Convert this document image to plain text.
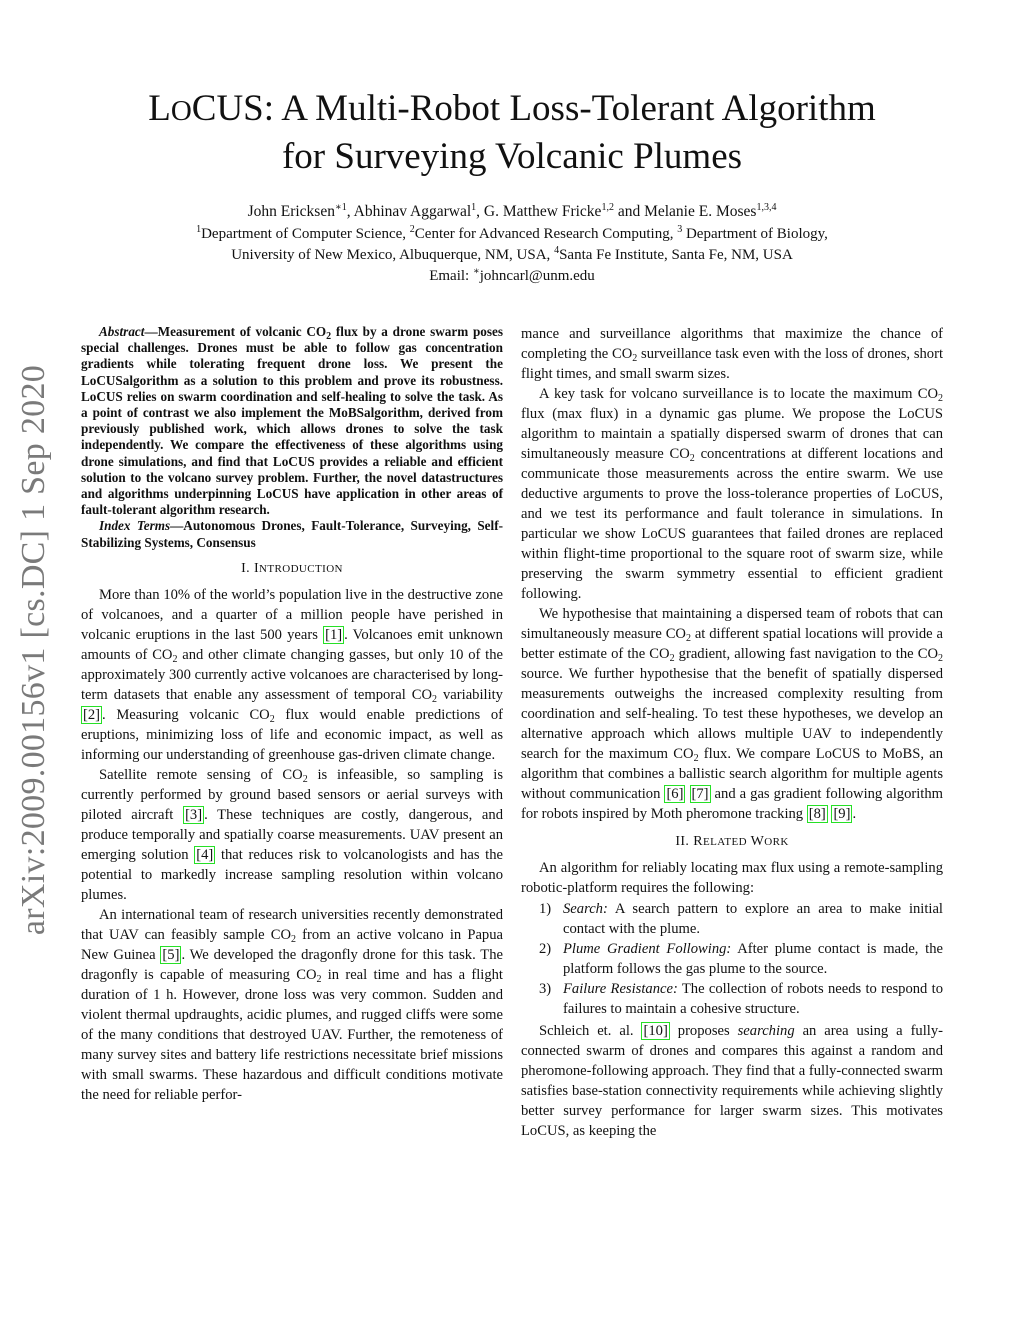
arXiv:2009.00156v1 [cs.DC] 1 Sep 2020
LOCUS: A Multi-Robot Loss-Tolerant Algorithm
for Surveying Volcanic Plumes
John Ericksen$^{∗1}$, Abhinav Aggarwal$^1$, G. Matthew Fricke$^{1,2}$ and Melanie E. Moses$^{1,3,4}$
$^1$Department of Computer Science, $^2$Center for Advanced Research Computing, $^3$ Department of Biology,
University of New Mexico, Albuquerque, NM, USA, $^4$Santa Fe Institute, Santa Fe, NM, USA
Email: ∗johncarl@unm.edu

Abstract—Measurement of volcanic $CO_2$ flux by a drone swarm poses special challenges. Drones must be able to follow gas concentration gradients while tolerating frequent drone loss. We present the LoCUSalgorithm as a solution to this problem and prove its robustness. LoCUS relies on swarm coordination and self-healing to solve the task. As a point of contrast we also implement the MoBSalgorithm, derived from previously published work, which allows drones to solve the task independently. We compare the effectiveness of these algorithms using drone simulations, and find that LoCUS provides a reliable and efficient solution to the volcano survey problem. Further, the novel datastructures and algorithms underpinning LoCUS have application in other areas of fault-tolerant algorithm research.

Index Terms—Autonomous Drones, Fault-Tolerance, Surveying, Self-Stabilizing Systems, Consensus

I. INTRODUCTION

More than 10% of the world’s population live in the destructive zone of volcanoes, and a quarter of a million people have perished in volcanic eruptions in the last 500 years [1] . Volcanoes emit unknown amounts of $CO_2$ and other climate changing gasses, but only 10 of the approximately 300 currently active volcanoes are characterised by long-term datasets that enable any assessment of temporal $CO_2$ variability [2] . Measuring volcanic $CO_2$ flux would enable predictions of eruptions, minimizing loss of life and economic impact, as well as informing our understanding of greenhouse gas-driven climate change.

Satellite remote sensing of $CO_2$ is infeasible, so sampling is currently performed by ground based sensors or aerial surveys with piloted aircraft [3] . These techniques are costly, dangerous, and produce temporally and spatially coarse measurements. UAV present an emerging solution [4] that reduces risk to volcanologists and has the potential to markedly increase sampling resolution within volcano plumes.

An international team of research universities recently demonstrated that UAV can feasibly sample $CO_2$ from an active volcano in Papua New Guinea [5] . We developed the dragonfly drone for this task. The dragonfly is capable of measuring $CO_2$ in real time and has a flight duration of 1 h. However, drone loss was very common. Sudden and violent thermal updraughts, acidic plumes, and rugged cliffs were some of the many conditions that destroyed UAV. Further, the remoteness of many survey sites and battery life restrictions necessitate brief missions with small swarms. These hazardous and difficult conditions motivate the need for reliable perfor-

mance and surveillance algorithms that maximize the chance of completing the $CO_2$ surveillance task even with the loss of drones, short flight times, and small swarm sizes.

A key task for volcano surveillance is to locate the maximum $CO_2$ flux (max flux) in a dynamic gas plume. We propose the LoCUS algorithm to maintain a spatially dispersed swarm of drones that can simultaneously measure $CO_2$ concentrations at different locations and communicate those measurements across the entire swarm. We use deductive arguments to prove the loss-tolerance properties of LoCUS, and we test its performance and fault tolerance in simulations. In particular we show LoCUS guarantees that failed drones are replaced within flight-time proportional to the square root of swarm size, while preserving the swarm symmetry essential to efficient gradient following.

We hypothesise that maintaining a dispersed team of robots that can simultaneously measure $CO_2$ at different spatial locations will provide a better estimate of the $CO_2$ gradient, allowing fast navigation to the $CO_2$ source. We further hypothesise that the benefit of spatially dispersed measurements outweighs the increased complexity resulting from coordination and self-healing. To test these hypotheses, we develop an alternative approach which allows multiple UAV to independently search for the maximum $CO_2$ flux. We compare LoCUS to MoBS, an algorithm that combines a ballistic search algorithm for multiple agents without communication [6] [7] and a gas gradient following algorithm for robots inspired by Moth pheromone tracking [8] [9] .

II. RELATED WORK

An algorithm for reliably locating max flux using a remote-sampling robotic-platform requires the following:

1) Search: A search pattern to explore an area to make initial contact with the plume.
2) Plume Gradient Following: After plume contact is made, the platform follows the gas plume to the source.
3) Failure Resistance: The collection of robots needs to respond to failures to maintain a cohesive structure.

Schleich et. al. [10] proposes searching an area using a fully-connected swarm of drones and compares this against a random and pheromone-following approach. They find that a fully-connected swarm satisfies base-station connectivity requirements while achieving slightly better survey performance for larger swarm sizes. This motivates LoCUS, as keeping the
